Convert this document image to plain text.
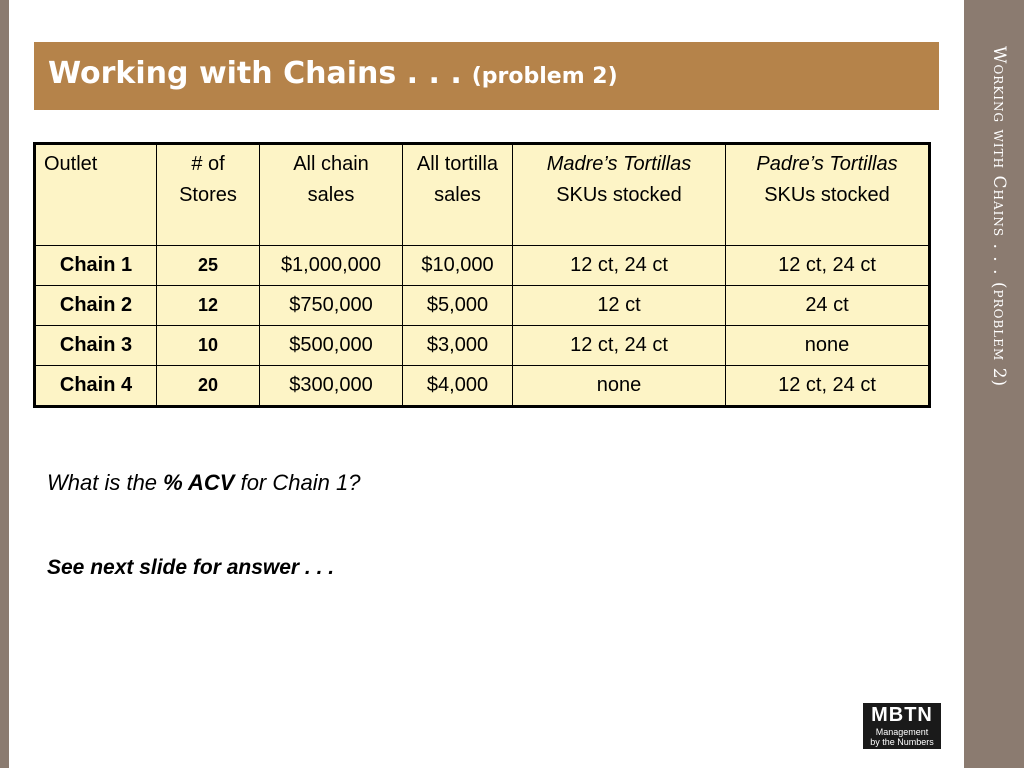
Working with Chains . . . (problem 2)	Working with Chains . . . (problem 2)
Outlet	# of Stores	All chain sales	All tortilla sales	Madre’s Tortillas SKUs stocked	Padre’s Tortillas SKUs stocked
Chain 1	25	$1,000,000	$10,000	12 ct, 24 ct	12 ct, 24 ct
Chain 2	12	$750,000	$5,000	12 ct	24 ct
Chain 3	10	$500,000	$3,000	12 ct, 24 ct	none
Chain 4	20	$300,000	$4,000	none	12 ct, 24 ct
What is the % ACV for Chain 1?
See next slide for answer . . .
MBTN
Management
by the Numbers
